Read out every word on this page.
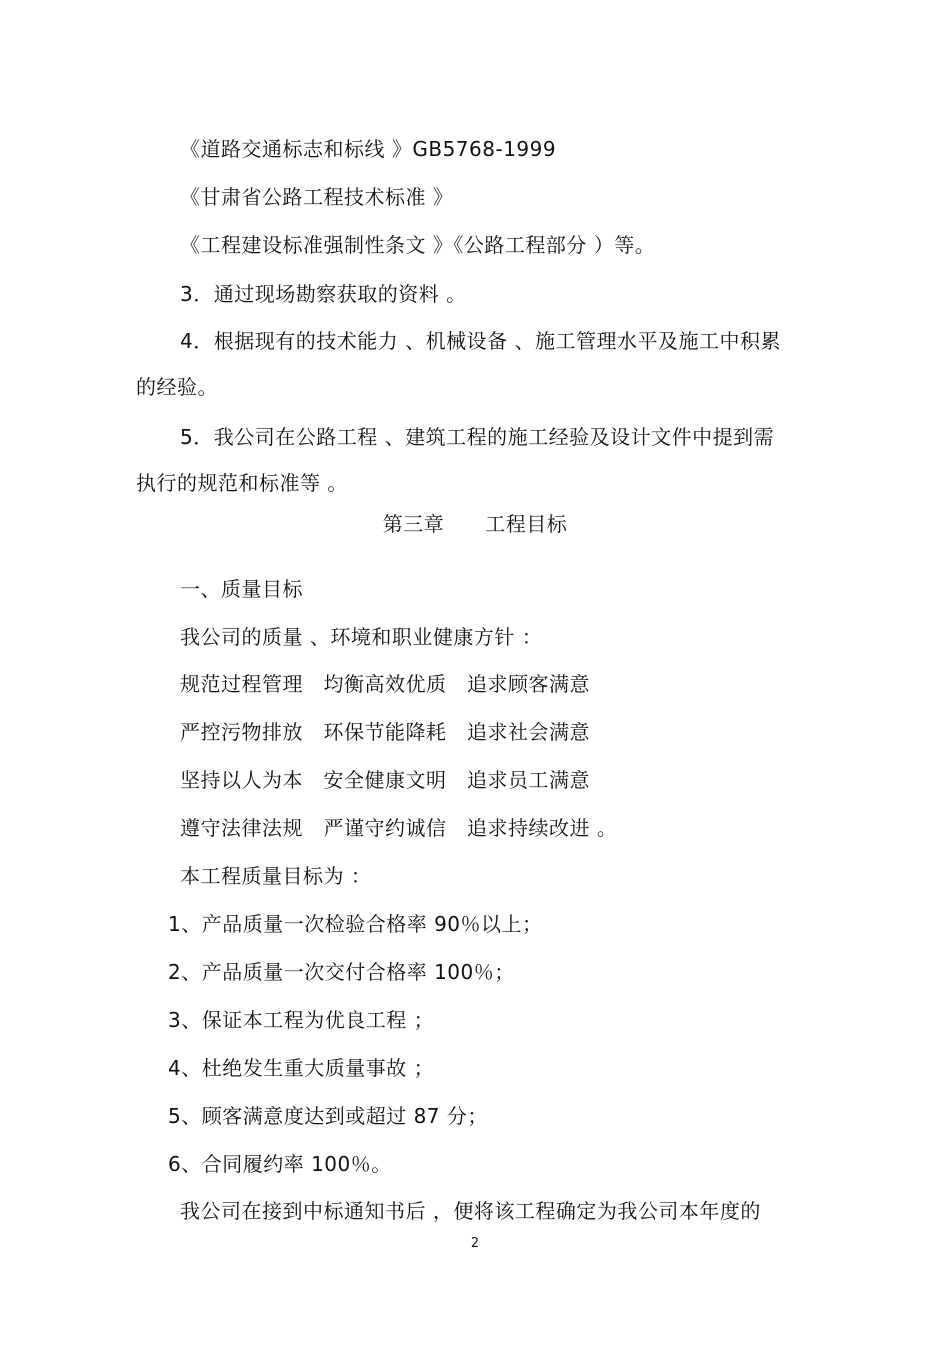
《道路交通标志和标线 》GB5768-1999
《甘肃省公路工程技术标准 》
《工程建设标准强制性条文 》《公路工程部分 ）等。
3．通过现场勘察获取的资料 。
4．根据现有的技术能力 、机械设备 、施工管理水平及施工中积累
的经验。
5．我公司在公路工程 、建筑工程的施工经验及设计文件中提到需
执行的规范和标准等 。
第三章　　工程目标
一、质量目标
我公司的质量 、环境和职业健康方针 ：
规范过程管理　均衡高效优质　追求顾客满意
严控污物排放　环保节能降耗　追求社会满意
坚持以人为本　安全健康文明　追求员工满意
遵守法律法规　严谨守约诚信　追求持续改进 。
本工程质量目标为 ：
1、产品质量一次检验合格率 90％以上；
2、产品质量一次交付合格率 100％；
3、保证本工程为优良工程 ；
4、杜绝发生重大质量事故 ；
5、顾客满意度达到或超过 87 分；
6、合同履约率 100％。
我公司在接到中标通知书后 ，便将该工程确定为我公司本年度的
2
